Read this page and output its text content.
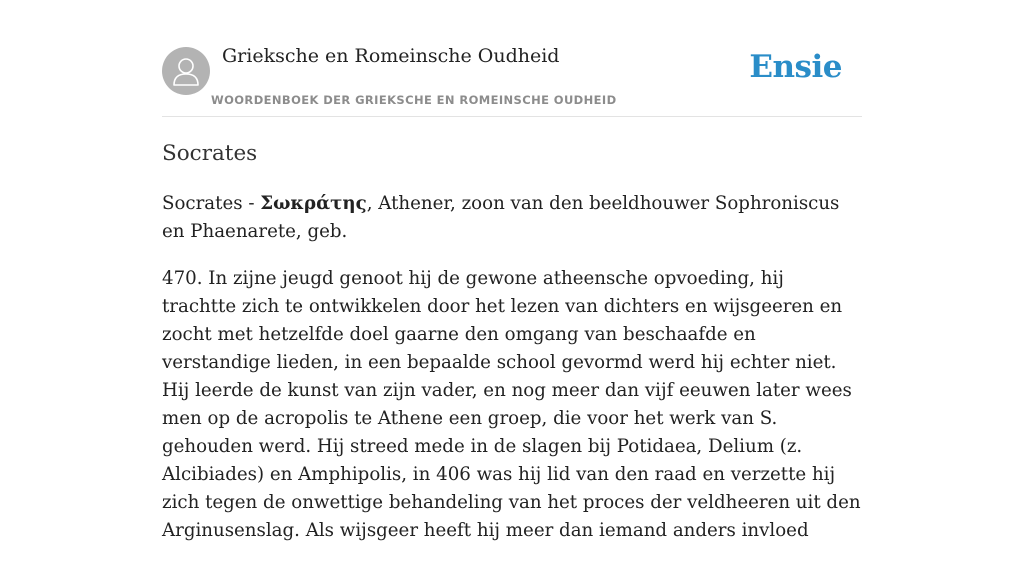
Grieksche en Romeinsche Oudheid
WOORDENBOEK DER GRIEKSCHE EN ROMEINSCHE OUDHEID
Ensie
Socrates

Socrates - Σωκράτης, Athener, zoon van den beeldhouwer Sophroniscus en Phaenarete, geb.

470. In zijne jeugd genoot hij de gewone atheensche opvoeding, hij trachtte zich te ontwikkelen door het lezen van dichters en wijsgeeren en zocht met hetzelfde doel gaarne den omgang van beschaafde en verstandige lieden, in een bepaalde school gevormd werd hij echter niet. Hij leerde de kunst van zijn vader, en nog meer dan vijf eeuwen later wees men op de acropolis te Athene een groep, die voor het werk van S. gehouden werd. Hij streed mede in de slagen bij Potidaea, Delium (z. Alcibiades) en Amphipolis, in 406 was hij lid van den raad en verzette hij zich tegen de onwettige behandeling van het proces der veldheeren uit den Arginusenslag. Als wijsgeer heeft hij meer dan iemand anders invloed
